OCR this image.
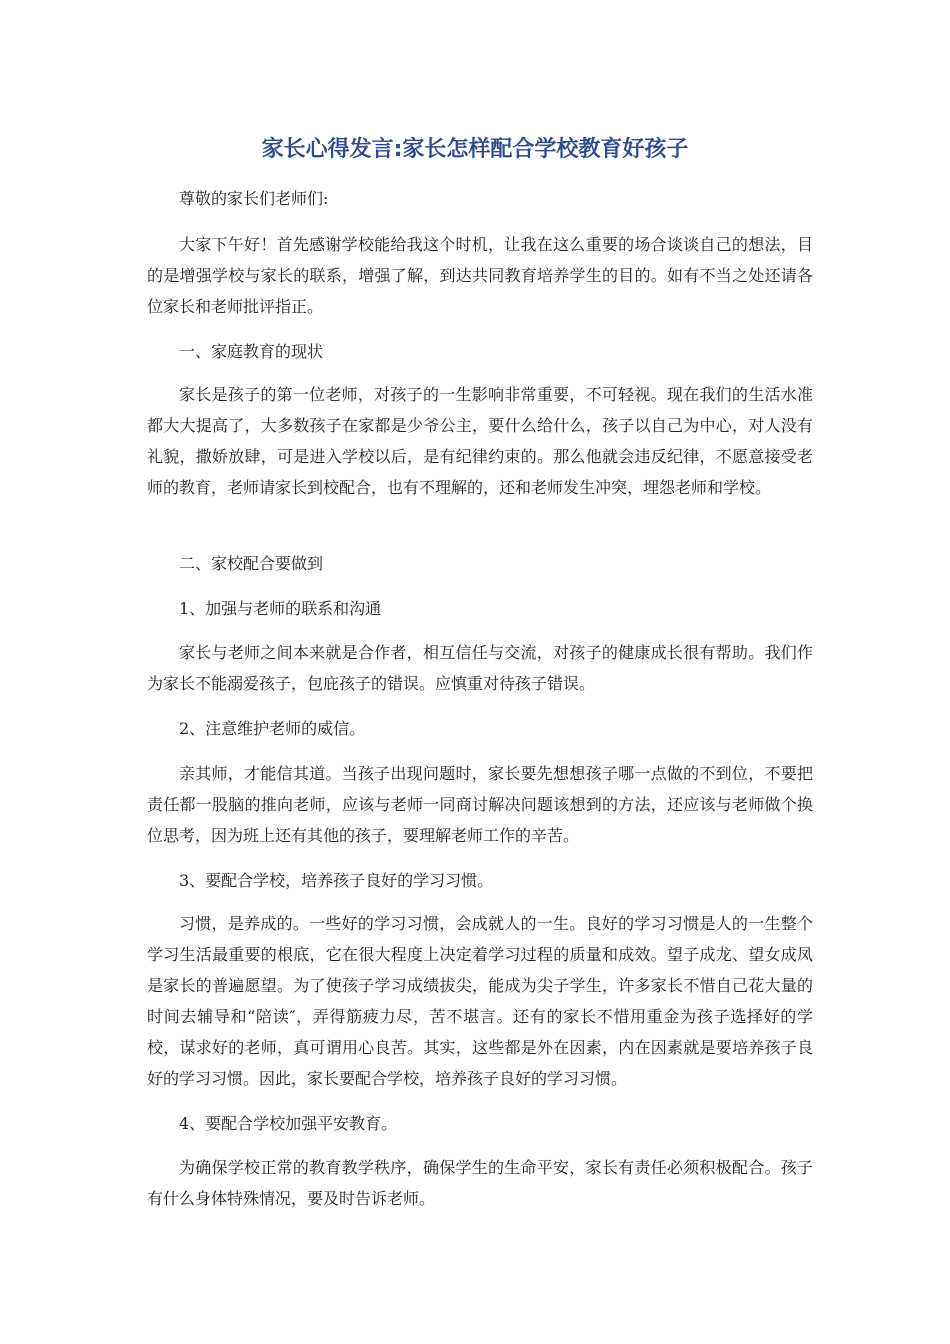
家长心得发言:家长怎样配合学校教育好孩子

尊敬的家长们老师们:

大家下午好！首先感谢学校能给我这个时机，让我在这么重要的场合谈谈自己的想法，目的是增强学校与家长的联系，增强了解，到达共同教育培养学生的目的。如有不当之处还请各位家长和老师批评指正。

一、家庭教育的现状

家长是孩子的第一位老师，对孩子的一生影响非常重要，不可轻视。现在我们的生活水准都大大提高了，大多数孩子在家都是少爷公主，要什么给什么，孩子以自己为中心，对人没有礼貌，撒娇放肆，可是进入学校以后，是有纪律约束的。那么他就会违反纪律，不愿意接受老师的教育，老师请家长到校配合，也有不理解的，还和老师发生冲突，埋怨老师和学校。

二、家校配合要做到

1、加强与老师的联系和沟通

家长与老师之间本来就是合作者，相互信任与交流，对孩子的健康成长很有帮助。我们作为家长不能溺爱孩子，包庇孩子的错误。应慎重对待孩子错误。

2、注意维护老师的威信。

亲其师，才能信其道。当孩子出现问题时，家长要先想想孩子哪一点做的不到位，不要把责任都一股脑的推向老师，应该与老师一同商讨解决问题该想到的方法，还应该与老师做个换位思考，因为班上还有其他的孩子，要理解老师工作的辛苦。

3、要配合学校，培养孩子良好的学习习惯。

习惯，是养成的。一些好的学习习惯，会成就人的一生。良好的学习习惯是人的一生整个学习生活最重要的根底，它在很大程度上决定着学习过程的质量和成效。望子成龙、望女成凤是家长的普遍愿望。为了使孩子学习成绩拔尖，能成为尖子学生，许多家长不惜自己花大量的时间去辅导和“陪读″，弄得筋疲力尽，苦不堪言。还有的家长不惜用重金为孩子选择好的学校，谋求好的老师，真可谓用心良苦。其实，这些都是外在因素，内在因素就是要培养孩子良好的学习习惯。因此，家长要配合学校，培养孩子良好的学习习惯。

4、要配合学校加强平安教育。

为确保学校正常的教育教学秩序，确保学生的生命平安，家长有责任必须积极配合。孩子有什么身体特殊情况，要及时告诉老师。
